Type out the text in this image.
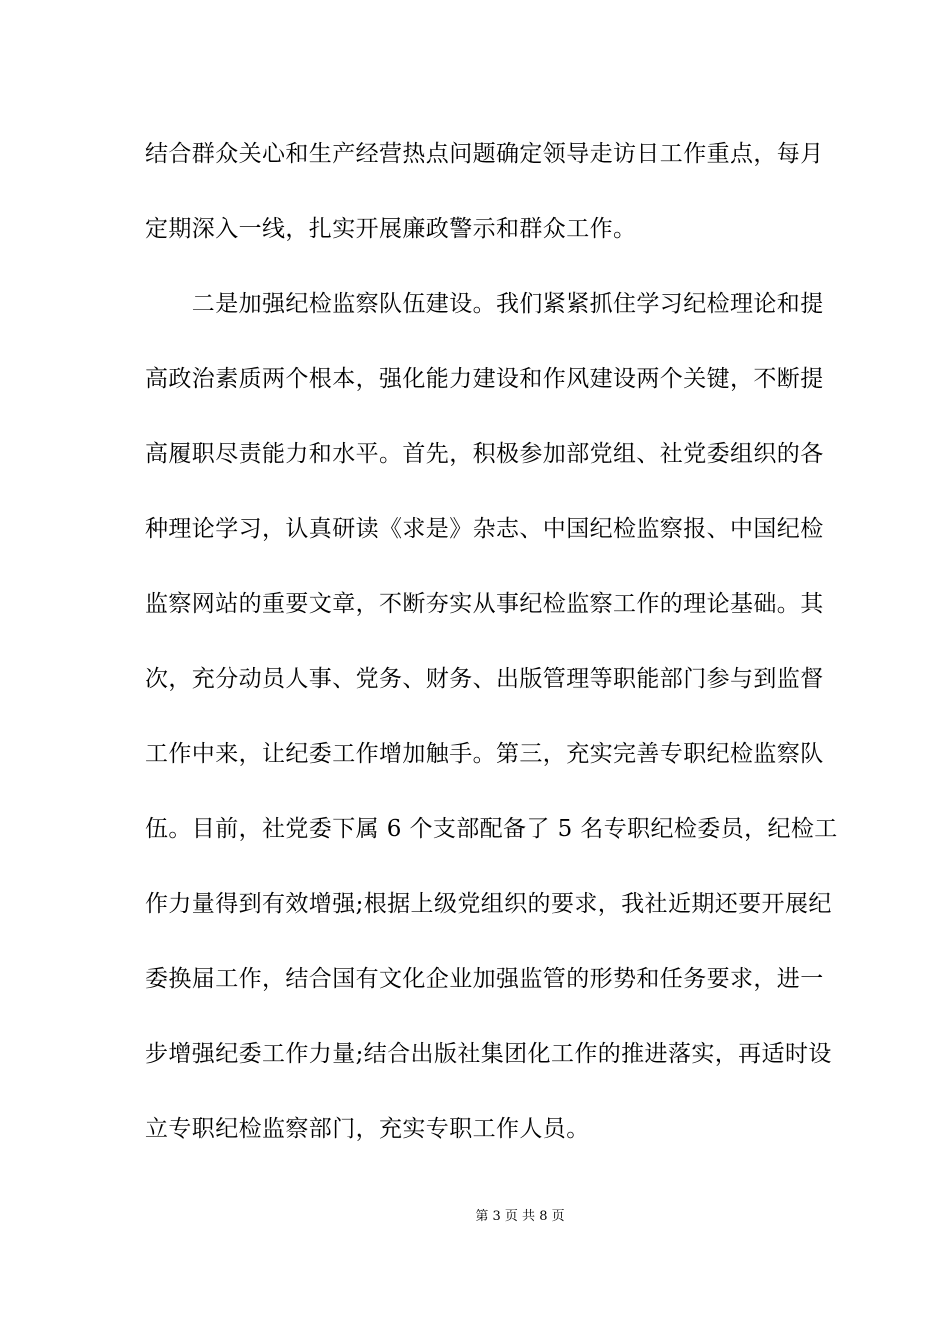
结合群众关心和生产经营热点问题确定领导走访日工作重点，每月
定期深入一线，扎实开展廉政警示和群众工作。
　　二是加强纪检监察队伍建设。我们紧紧抓住学习纪检理论和提
高政治素质两个根本，强化能力建设和作风建设两个关键，不断提
高履职尽责能力和水平。首先，积极参加部党组、社党委组织的各
种理论学习，认真研读《求是》杂志、中国纪检监察报、中国纪检
监察网站的重要文章，不断夯实从事纪检监察工作的理论基础。其
次，充分动员人事、党务、财务、出版管理等职能部门参与到监督
工作中来，让纪委工作增加触手。第三，充实完善专职纪检监察队
伍。目前，社党委下属 6 个支部配备了 5 名专职纪检委员，纪检工
作力量得到有效增强;根据上级党组织的要求，我社近期还要开展纪
委换届工作，结合国有文化企业加强监管的形势和任务要求，进一
步增强纪委工作力量;结合出版社集团化工作的推进落实，再适时设
立专职纪检监察部门，充实专职工作人员。
第 3 页 共 8 页
